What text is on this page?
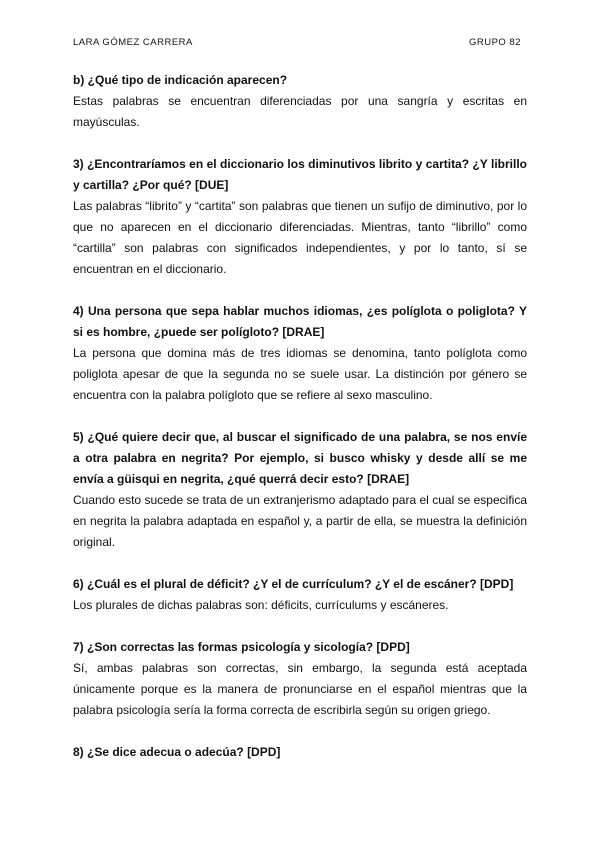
LARA GÓMEZ CARRERA	GRUPO 82

b) ¿Qué tipo de indicación aparecen?

Estas palabras se encuentran diferenciadas por una sangría y escritas en mayúsculas.

3) ¿Encontraríamos en el diccionario los diminutivos librito y cartita? ¿Y librillo y cartilla? ¿Por qué? [DUE]

Las palabras “librito” y “cartita” son palabras que tienen un sufijo de diminutivo, por lo que no aparecen en el diccionario diferenciadas. Mientras, tanto “librillo” como “cartilla” son palabras con significados independientes, y por lo tanto, sí se encuentran en el diccionario.

4) Una persona que sepa hablar muchos idiomas, ¿es políglota o poliglota? Y si es hombre, ¿puede ser polígloto? [DRAE]

La persona que domina más de tres idiomas se denomina, tanto políglota como poliglota apesar de que la segunda no se suele usar. La distinción por género se encuentra con la palabra polígloto que se refiere al sexo masculino.

5) ¿Qué quiere decir que, al buscar el significado de una palabra, se nos envíe a otra palabra en negrita? Por ejemplo, si busco whisky y desde allí se me envía a güisqui en negrita, ¿qué querrá decir esto? [DRAE]

Cuando esto sucede se trata de un extranjerismo adaptado para el cual se especifica en negrita la palabra adaptada en español y, a partir de ella, se muestra la definición original.

6) ¿Cuál es el plural de déficit? ¿Y el de currículum? ¿Y el de escáner? [DPD]

Los plurales de dichas palabras son: déficits, currículums y escáneres.

7) ¿Son correctas las formas psicología y sicología? [DPD]

Sí, ambas palabras son correctas, sin embargo, la segunda está aceptada únicamente porque es la manera de pronunciarse en el español mientras que la palabra psicología sería la forma correcta de escribirla según su origen griego.

8) ¿Se dice adecua o adecúa? [DPD]
